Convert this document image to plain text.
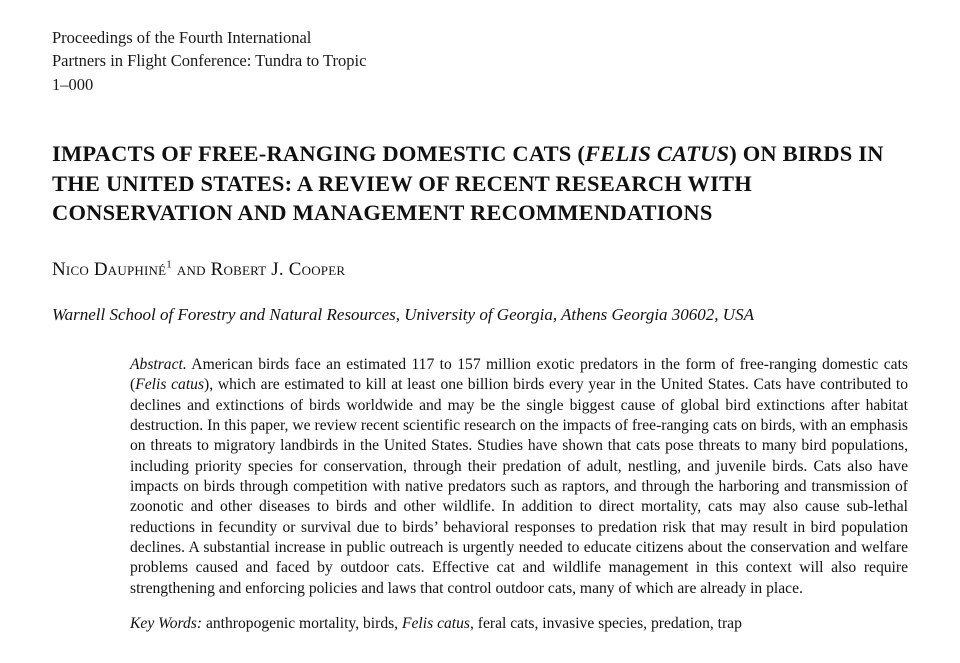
Proceedings of the Fourth International
Partners in Flight Conference: Tundra to Tropic
1–000
IMPACTS OF FREE-RANGING DOMESTIC CATS (FELIS CATUS) ON BIRDS IN THE UNITED STATES: A REVIEW OF RECENT RESEARCH WITH CONSERVATION AND MANAGEMENT RECOMMENDATIONS
Nico Dauphiné$^1$ and Robert J. Cooper
Warnell School of Forestry and Natural Resources, University of Georgia, Athens Georgia 30602, USA
Abstract. American birds face an estimated 117 to 157 million exotic predators in the form of free-ranging domestic cats (Felis catus), which are estimated to kill at least one billion birds every year in the United States. Cats have contributed to declines and extinctions of birds worldwide and may be the single biggest cause of global bird extinctions after habitat destruction. In this paper, we review recent scientific research on the impacts of free-ranging cats on birds, with an emphasis on threats to migratory landbirds in the United States. Studies have shown that cats pose threats to many bird populations, including priority species for conservation, through their predation of adult, nestling, and juvenile birds. Cats also have impacts on birds through competition with native predators such as raptors, and through the harboring and transmission of zoonotic and other diseases to birds and other wildlife. In addition to direct mortality, cats may also cause sub-lethal reductions in fecundity or survival due to birds’ behavioral responses to predation risk that may result in bird population declines. A substantial increase in public outreach is urgently needed to educate citizens about the conservation and welfare problems caused and faced by outdoor cats. Effective cat and wildlife management in this context will also require strengthening and enforcing policies and laws that control outdoor cats, many of which are already in place.
Key Words: anthropogenic mortality, birds, Felis catus, feral cats, invasive species, predation, trap
